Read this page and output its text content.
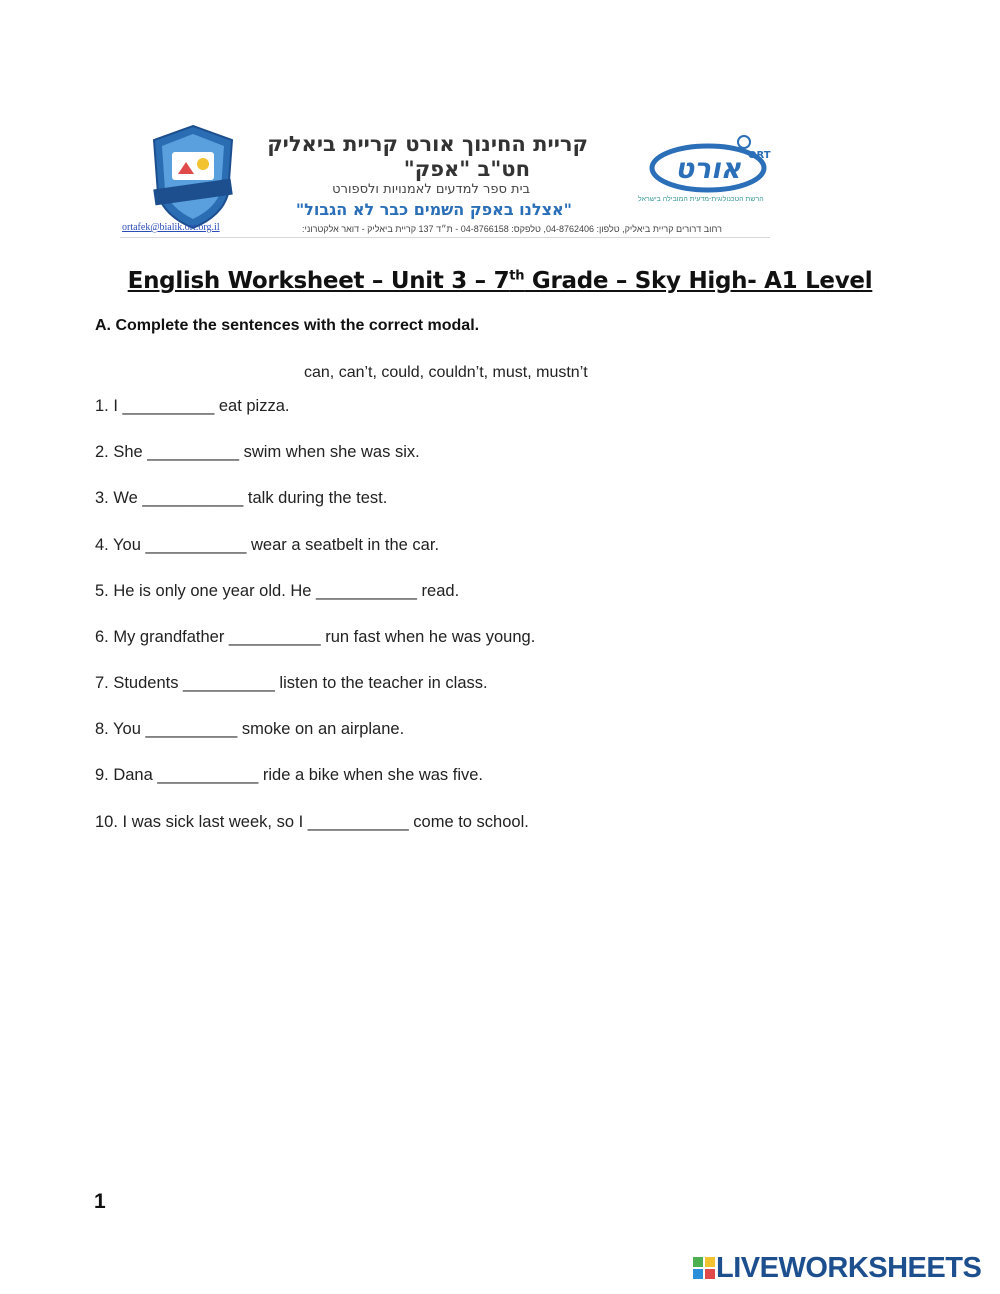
קריית החינוך אורט קריית ביאליק
חט"ב "אפק"
בית ספר למדעים לאמנויות ולספורט
"אצלנו באפק השמים כבר לא הגבול"
אורט ORT
הרשת הטכנולוגית-מדעית המובילה בישראל
ortafek@bialik.ort.org.il	רחוב דרורים קריית ביאליק, טלפון: 04-8762406, טלפקס: 04-8766158 - ת״ד 137 קריית ביאליק - דואר אלקטרוני:
English Worksheet – Unit 3 – 7th Grade – Sky High- A1 Level
A. Complete the sentences with the correct modal.
can, can’t, could, couldn’t, must, mustn’t
1. I __________ eat pizza.
2. She __________ swim when she was six.
3. We ___________ talk during the test.
4. You ___________ wear a seatbelt in the car.
5. He is only one year old. He ___________ read.
6. My grandfather __________ run fast when he was young.
7. Students __________ listen to the teacher in class.
8. You __________ smoke on an airplane.
9. Dana ___________ ride a bike when she was five.
10. I was sick last week, so I ___________ come to school.
1
LIVEWORKSHEETS
